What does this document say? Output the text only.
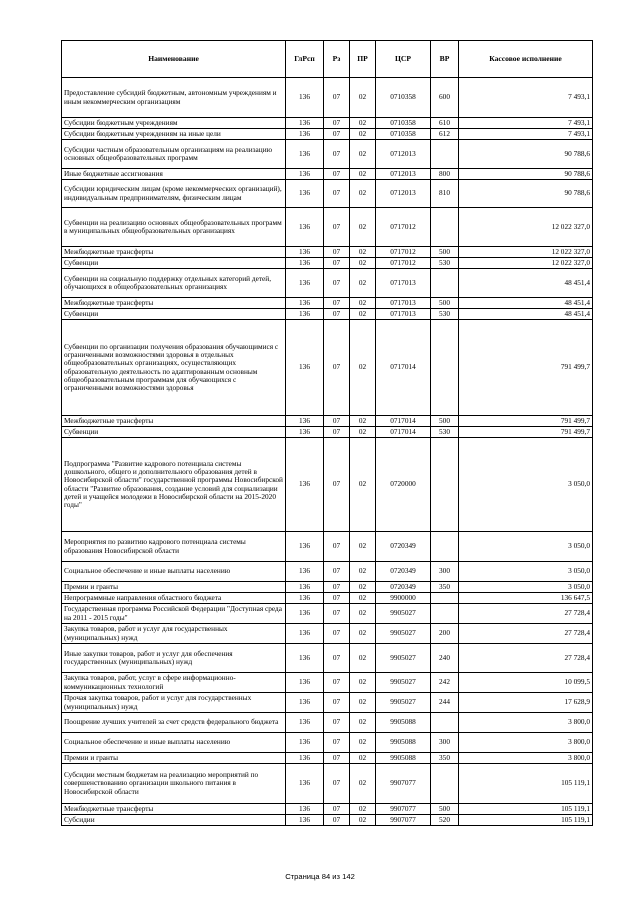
Наименование	ГлРсп	Рз	ПР	ЦСР	ВР	Кассовое исполнение
Предоставление субсидий бюджетным, автономным учреждениям и иным некоммерческим организациям	136	07	02	0710358	600	7 493,1
Субсидии бюджетным учреждениям	136	07	02	0710358	610	7 493,1
Субсидии бюджетным учреждениям на иные цели	136	07	02	0710358	612	7 493,1
Субсидии частным образовательным организациям на реализацию основных общеобразовательных программ	136	07	02	0712013		90 788,6
Иные бюджетные ассигнования	136	07	02	0712013	800	90 788,6
Субсидии юридическим лицам (кроме некоммерческих организаций), индивидуальным предпринимателям, физическим лицам	136	07	02	0712013	810	90 788,6
Субвенции на реализацию основных общеобразовательных программ в муниципальных общеобразовательных организациях	136	07	02	0717012		12 022 327,0
Межбюджетные трансферты	136	07	02	0717012	500	12 022 327,0
Субвенции	136	07	02	0717012	530	12 022 327,0
Субвенции на социальную поддержку отдельных категорий детей, обучающихся в общеобразовательных организациях	136	07	02	0717013		48 451,4
Межбюджетные трансферты	136	07	02	0717013	500	48 451,4
Субвенции	136	07	02	0717013	530	48 451,4
Субвенции по организации получения образования обучающимися с ограниченными возможностями здоровья в отдельных общеобразовательных организациях, осуществляющих образовательную деятельность по адаптированным основным общеобразовательным программам для обучающихся с ограниченными возможностями здоровья	136	07	02	0717014		791 499,7
Межбюджетные трансферты	136	07	02	0717014	500	791 499,7
Субвенции	136	07	02	0717014	530	791 499,7
Подпрограмма "Развитие кадрового потенциала системы дошкольного, общего и дополнительного образования детей в Новосибирской области" государственной программы Новосибирской области "Развитие образования, создание условий для социализации детей и учащейся молодежи в Новосибирской области на 2015-2020 годы"	136	07	02	0720000		3 050,0
Мероприятия по развитию кадрового потенциала системы образования Новосибирской области	136	07	02	0720349		3 050,0
Социальное обеспечение и иные выплаты населению	136	07	02	0720349	300	3 050,0
Премии и гранты	136	07	02	0720349	350	3 050,0
Непрограммные направления областного бюджета	136	07	02	9900000		136 647,5
Государственная программа Российской Федерации "Доступная среда на 2011 - 2015 годы"	136	07	02	9905027		27 728,4
Закупка товаров, работ и услуг для государственных (муниципальных) нужд	136	07	02	9905027	200	27 728,4
Иные закупки товаров, работ и услуг для обеспечения государственных (муниципальных) нужд	136	07	02	9905027	240	27 728,4
Закупка товаров, работ, услуг в сфере информационно-коммуникационных технологий	136	07	02	9905027	242	10 099,5
Прочая закупка товаров, работ и услуг для государственных (муниципальных) нужд	136	07	02	9905027	244	17 628,9
Поощрение лучших учителей за счет средств федерального бюджета	136	07	02	9905088		3 800,0
Социальное обеспечение и иные выплаты населению	136	07	02	9905088	300	3 800,0
Премии и гранты	136	07	02	9905088	350	3 800,0
Субсидии местным бюджетам на реализацию мероприятий по совершенствованию организации школьного питания в Новосибирской области	136	07	02	9907077		105 119,1
Межбюджетные трансферты	136	07	02	9907077	500	105 119,1
Субсидии	136	07	02	9907077	520	105 119,1
Страница 84 из 142
